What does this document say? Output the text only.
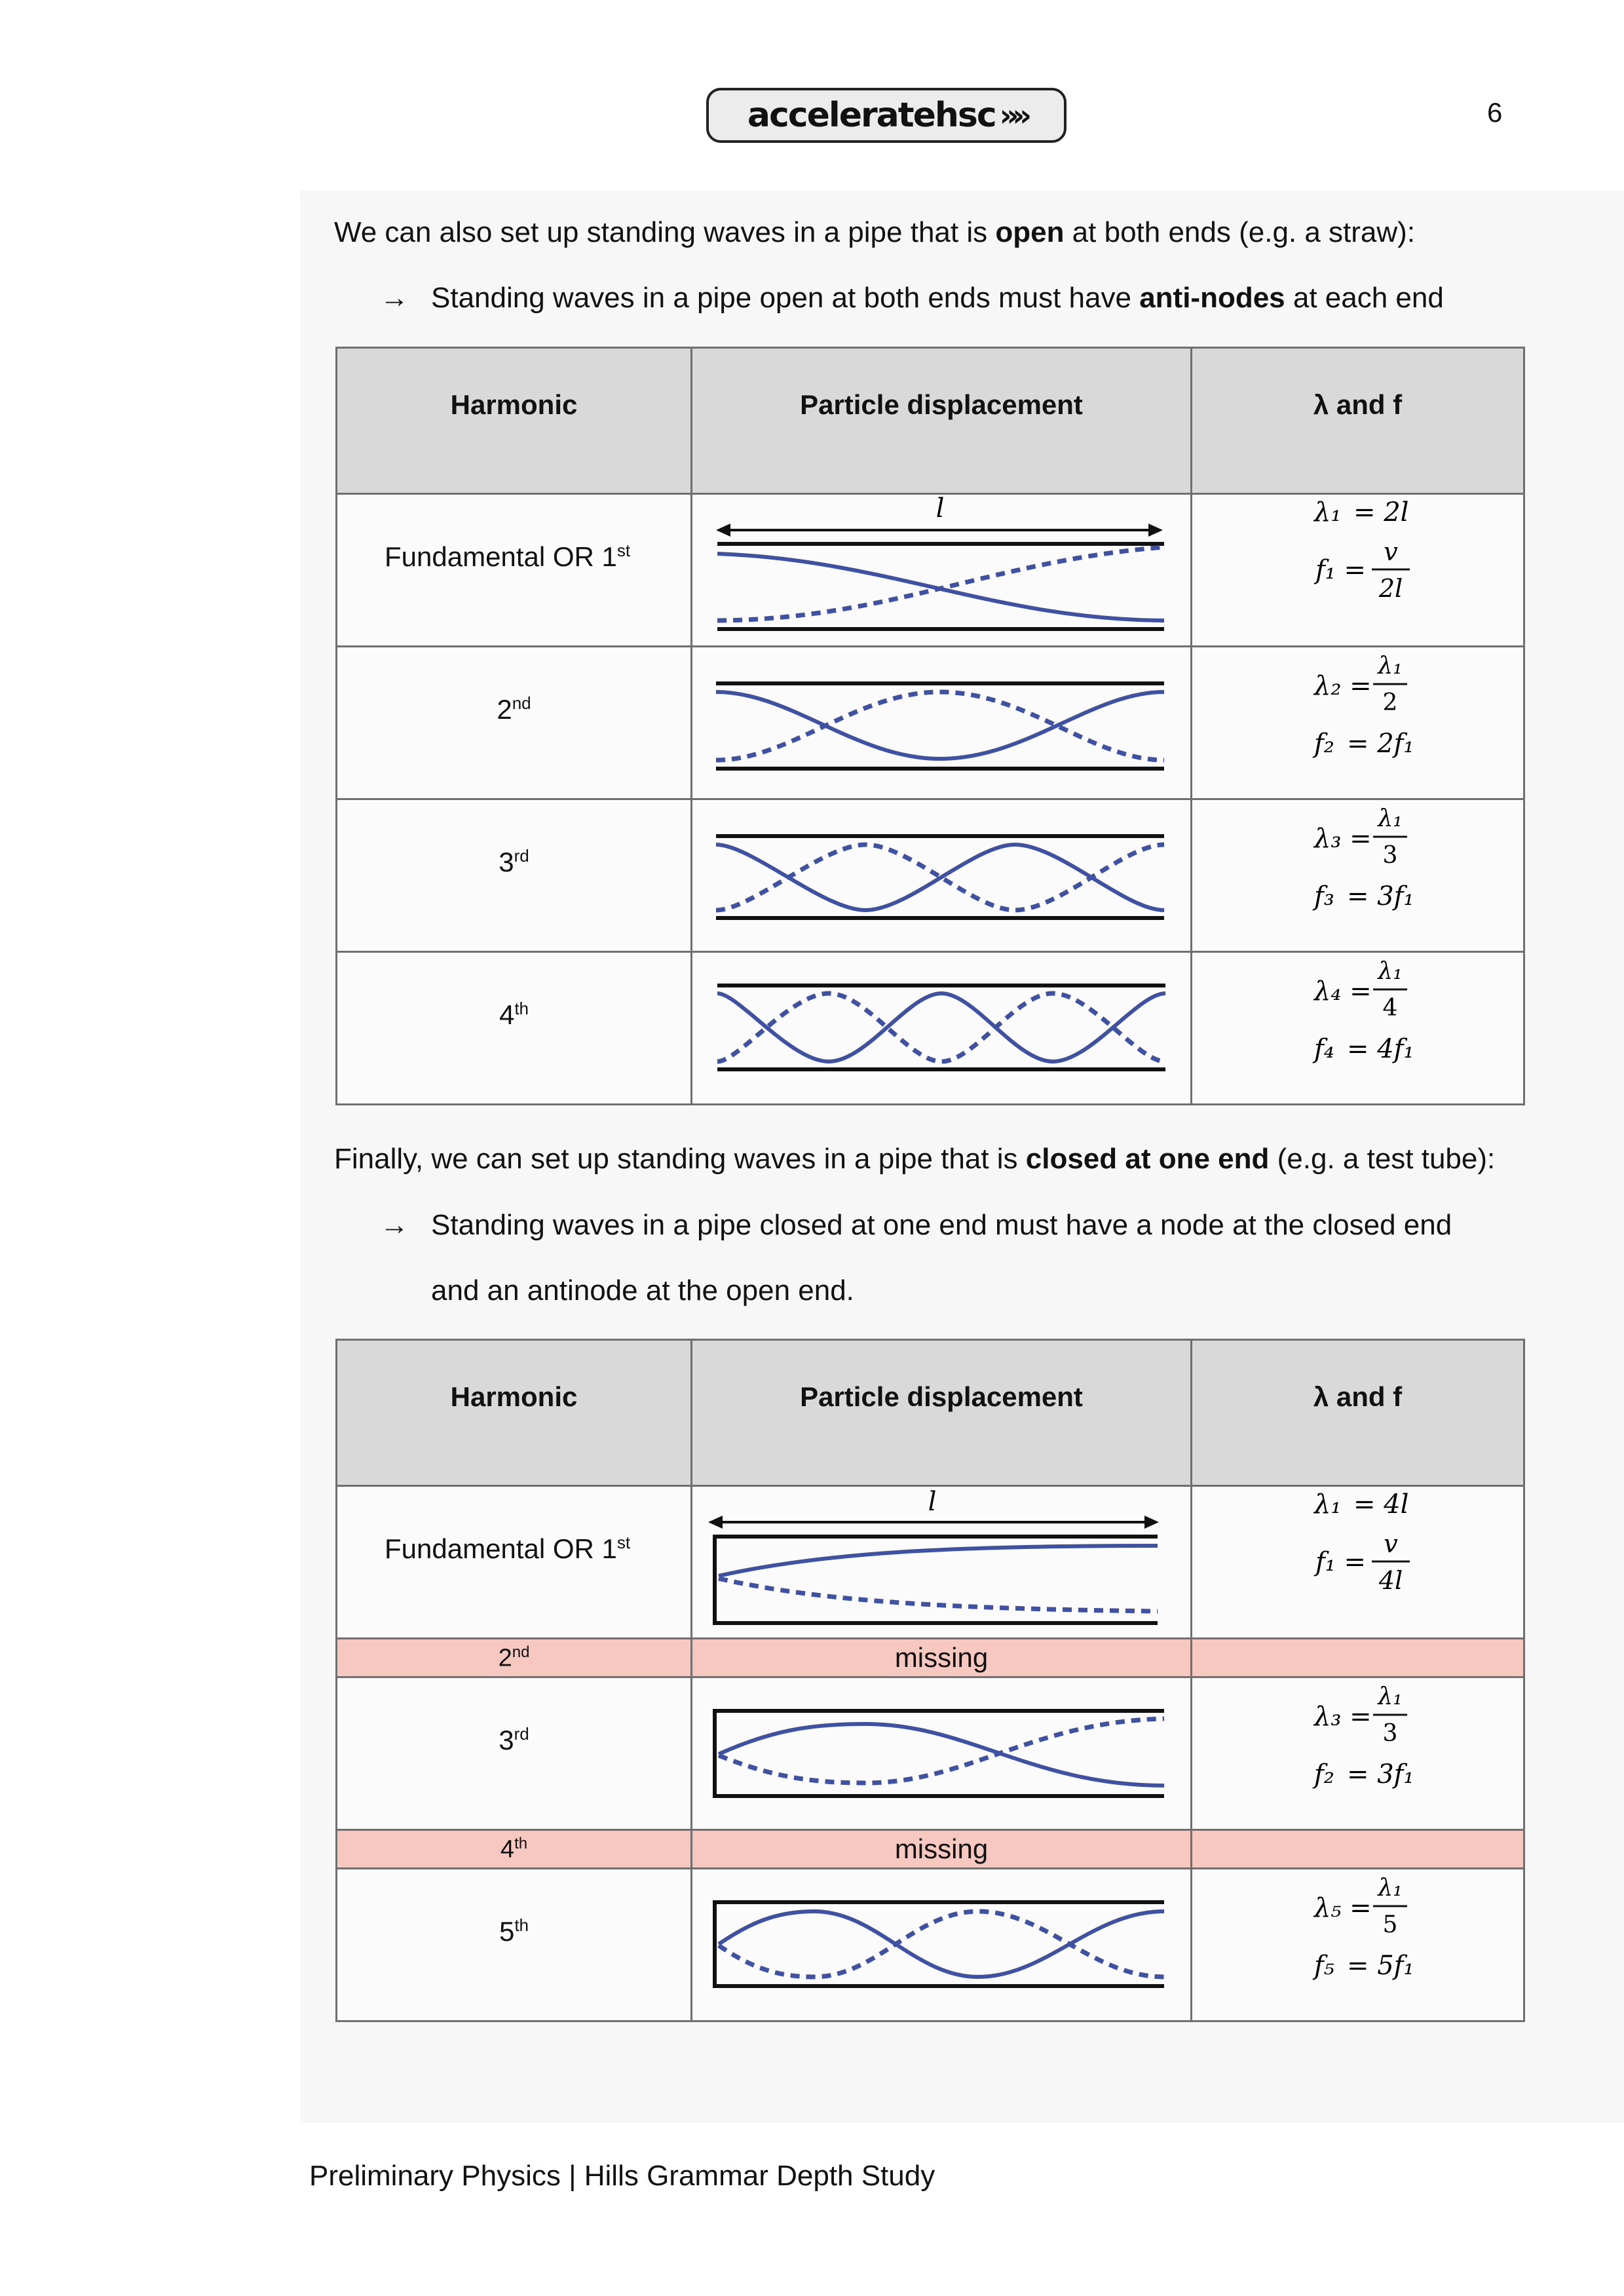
acceleratehsc »»	6
We can also set up standing waves in a pipe that is open at both ends (e.g. a straw):
→ Standing waves in a pipe open at both ends must have anti-nodes at each end
Harmonic	Particle displacement	λ and f
Fundamental OR 1st	l	λ₁ = 2l
f₁ =
v
2l

2nd		λ₂ =
λ₁
2
f₂ = 2f₁

3rd		λ₃ =
λ₁
3
f₃ = 3f₁

4th		λ₄ =
λ₁
4
f₄ = 4f₁
Finally, we can set up standing waves in a pipe that is closed at one end (e.g. a test tube):
→ Standing waves in a pipe closed at one end must have a node at the closed end
and an antinode at the open end.
Harmonic	Particle displacement	λ and f
Fundamental OR 1st	l	λ₁ = 4l
f₁ =
v
4l

2nd	missing	
3rd		λ₃ =
λ₁
3
f₂ = 3f₁

4th	missing	
5th		λ₅ =
λ₁
5
f₅ = 5f₁
Preliminary Physics | Hills Grammar Depth Study
